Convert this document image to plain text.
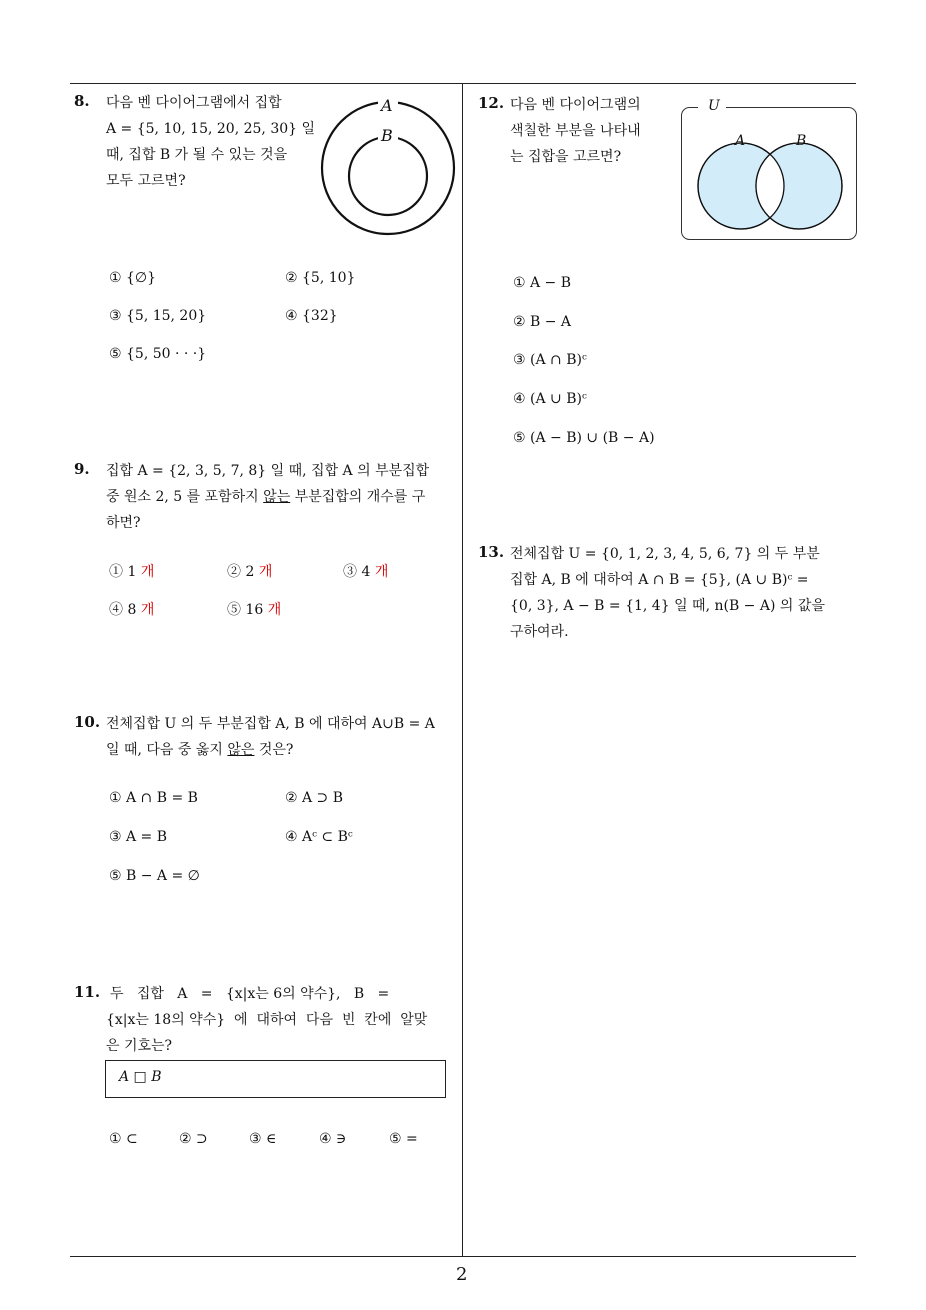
8. 다음 벤 다이어그램에서 집합
A = {5, 10, 15, 20, 25, 30} 일
때, 집합 B 가 될 수 있는 것을
모두 고르면?
A
B
① {∅}	② {5, 10}
③ {5, 15, 20}	④ {32}
⑤ {5, 50 · · ·}
9. 집합 A = {2, 3, 5, 7, 8} 일 때, 집합 A 의 부분집합
중 원소 2, 5 를 포함하지 않는 부분집합의 개수를 구
하면?
① 1 개	② 2 개	③ 4 개
④ 8 개	⑤ 16 개
10. 전체집합 U 의 두 부분집합 A, B 에 대하여 A∪B = A
일 때, 다음 중 옳지 않은 것은?
① A ∩ B = B	② A ⊃ B
③ A = B	④ Aᶜ ⊂ Bᶜ
⑤ B − A = ∅
11. 두   집합   A   =   {x|x는 6의 약수},   B   =
{x|x는 18의 약수}  에  대하여  다음  빈  칸에  알맞
은 기호는?
A □ B
① ⊂	② ⊃	③ ∈	④ ∋	⑤ =
12. 다음 벤 다이어그램의
색칠한 부분을 나타내
는 집합을 고르면?
U
A	B
① A − B
② B − A
③ (A ∩ B)ᶜ
④ (A ∪ B)ᶜ
⑤ (A − B) ∪ (B − A)
13. 전체집합 U = {0, 1, 2, 3, 4, 5, 6, 7} 의 두 부분
집합 A, B 에 대하여 A ∩ B = {5}, (A ∪ B)ᶜ =
{0, 3}, A − B = {1, 4} 일 때, n(B − A) 의 값을
구하여라.
2
